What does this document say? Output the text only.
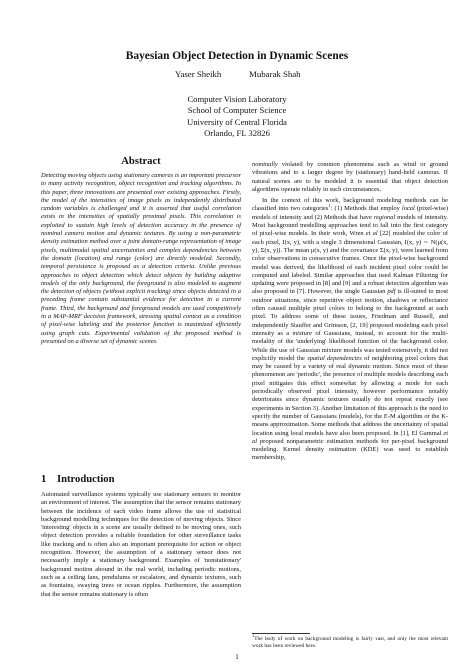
Bayesian Object Detection in Dynamic Scenes
Yaser Sheikh	Mubarak Shah
Computer Vision Laboratory
School of Computer Science
University of Central Florida
Orlando, FL 32826
Abstract
Detecting moving objects using stationary cameras is an important precursor to many activity recognition, object recognition and tracking algorithms. In this paper, three innovations are presented over existing approaches. Firstly, the model of the intensities of image pixels as independently distributed random variables is challenged and it is asserted that useful correlation exists in the intensities of spatially proximal pixels. This correlation is exploited to sustain high levels of detection accuracy in the presence of nominal camera motion and dynamic textures. By using a non-parametric density estimation method over a joint domain-range representation of image pixels, multimodal spatial uncertainties and complex dependencies between the domain (location) and range (color) are directly modeled. Secondly, temporal persistence is proposed as a detection criteria. Unlike previous approaches to object detection which detect objects by building adaptive models of the only background, the foreground is also modeled to augment the detection of objects (without explicit tracking) since objects detected in a preceding frame contain substantial evidence for detection in a current frame. Third, the background and foreground models are used competitively in a MAP-MRF decision framework, stressing spatial context as a condition of pixel-wise labeling and the posterior function is maximized efficiently using graph cuts. Experimental validation of the proposed method is presented on a diverse set of dynamic scenes.
1 Introduction
Automated surveillance systems typically use stationary sensors to monitor an environment of interest. The assumption that the sensor remains stationary between the incidence of each video frame allows the use of statistical background modelling techniques for the detection of moving objects. Since 'interesting' objects in a scene are usually defined to be moving ones, such object detection provides a reliable foundation for other surveillance tasks like tracking and is often also an important prerequisite for action or object recognition. However, the assumption of a stationary sensor does not necessarily imply a stationary background. Examples of 'nonstationary' background motion abound in the real world, including periodic motions, such as a ceiling fans, pendulums or escalators, and dynamic textures, such as fountains, swaying trees or ocean ripples. Furthermore, the assumption that the sensor remains stationary is often

nominally violated by common phenomena such as wind or ground vibrations and to a larger degree by (stationary) hand-held cameras. If natural scenes are to be modeled it is essential that object detection algorithms operate reliably in such circumstances.

In the context of this work, background modeling methods can be classified into two categories$^1$: (1) Methods that employ local (pixel-wise) models of intensity and (2) Methods that have regional models of intensity. Most background modelling approaches tend to fall into the first category of pixel-wise models. In their work, Wren et al [22] modeled the color of each pixel, I(x, y), with a single 3 dimensional Gaussian, I(x, y) ∼ N(μ(x, y), Σ(x, y)). The mean μ(x, y) and the covariance Σ(x, y), were learned from color observations in consecutive frames. Once the pixel-wise background model was derived, the likelihood of each incident pixel color could be computed and labeled. Similar approaches that used Kalman Filtering for updating were proposed in [8] and [9] and a robust detection algorithm was also proposed in [7]. However, the single Gaussian pdf is ill-suited to most outdoor situations, since repetitive object motion, shadows or reflectance often caused multiple pixel colors to belong to the background at each pixel. To address some of these issues, Friedman and Russell, and independently Stauffer and Grimson, [2, 19] proposed modeling each pixel intensity as a mixture of Gaussians, instead, to account for the multi-modality of the 'underlying' likelihood function of the background color. While the use of Gaussian mixture models was tested extensively, it did not explicitly model the spatial dependencies of neighboring pixel colors that may be caused by a variety of real dynamic motion. Since most of these phenomenon are 'periodic', the presence of multiple models describing each pixel mitigates this effect somewhat by allowing a mode for each periodically observed pixel intensity, however performance notably deteriorates since dynamic textures usually do not repeat exactly (see experiments in Section 3). Another limitation of this approach is the need to specify the number of Gaussians (models), for the E-M algorithm or the K-means approximation. Some methods that address the uncertainty of spatial location using local models have also been proposed. In [1], El Gammal et al proposed nonparametric estimation methods for per-pixel background modeling. Kernel density estimation (KDE) was used to establish membership,

$^1$The body of work on background modeling is fairly vast, and only the most relevant work has been reviewed here.
1
